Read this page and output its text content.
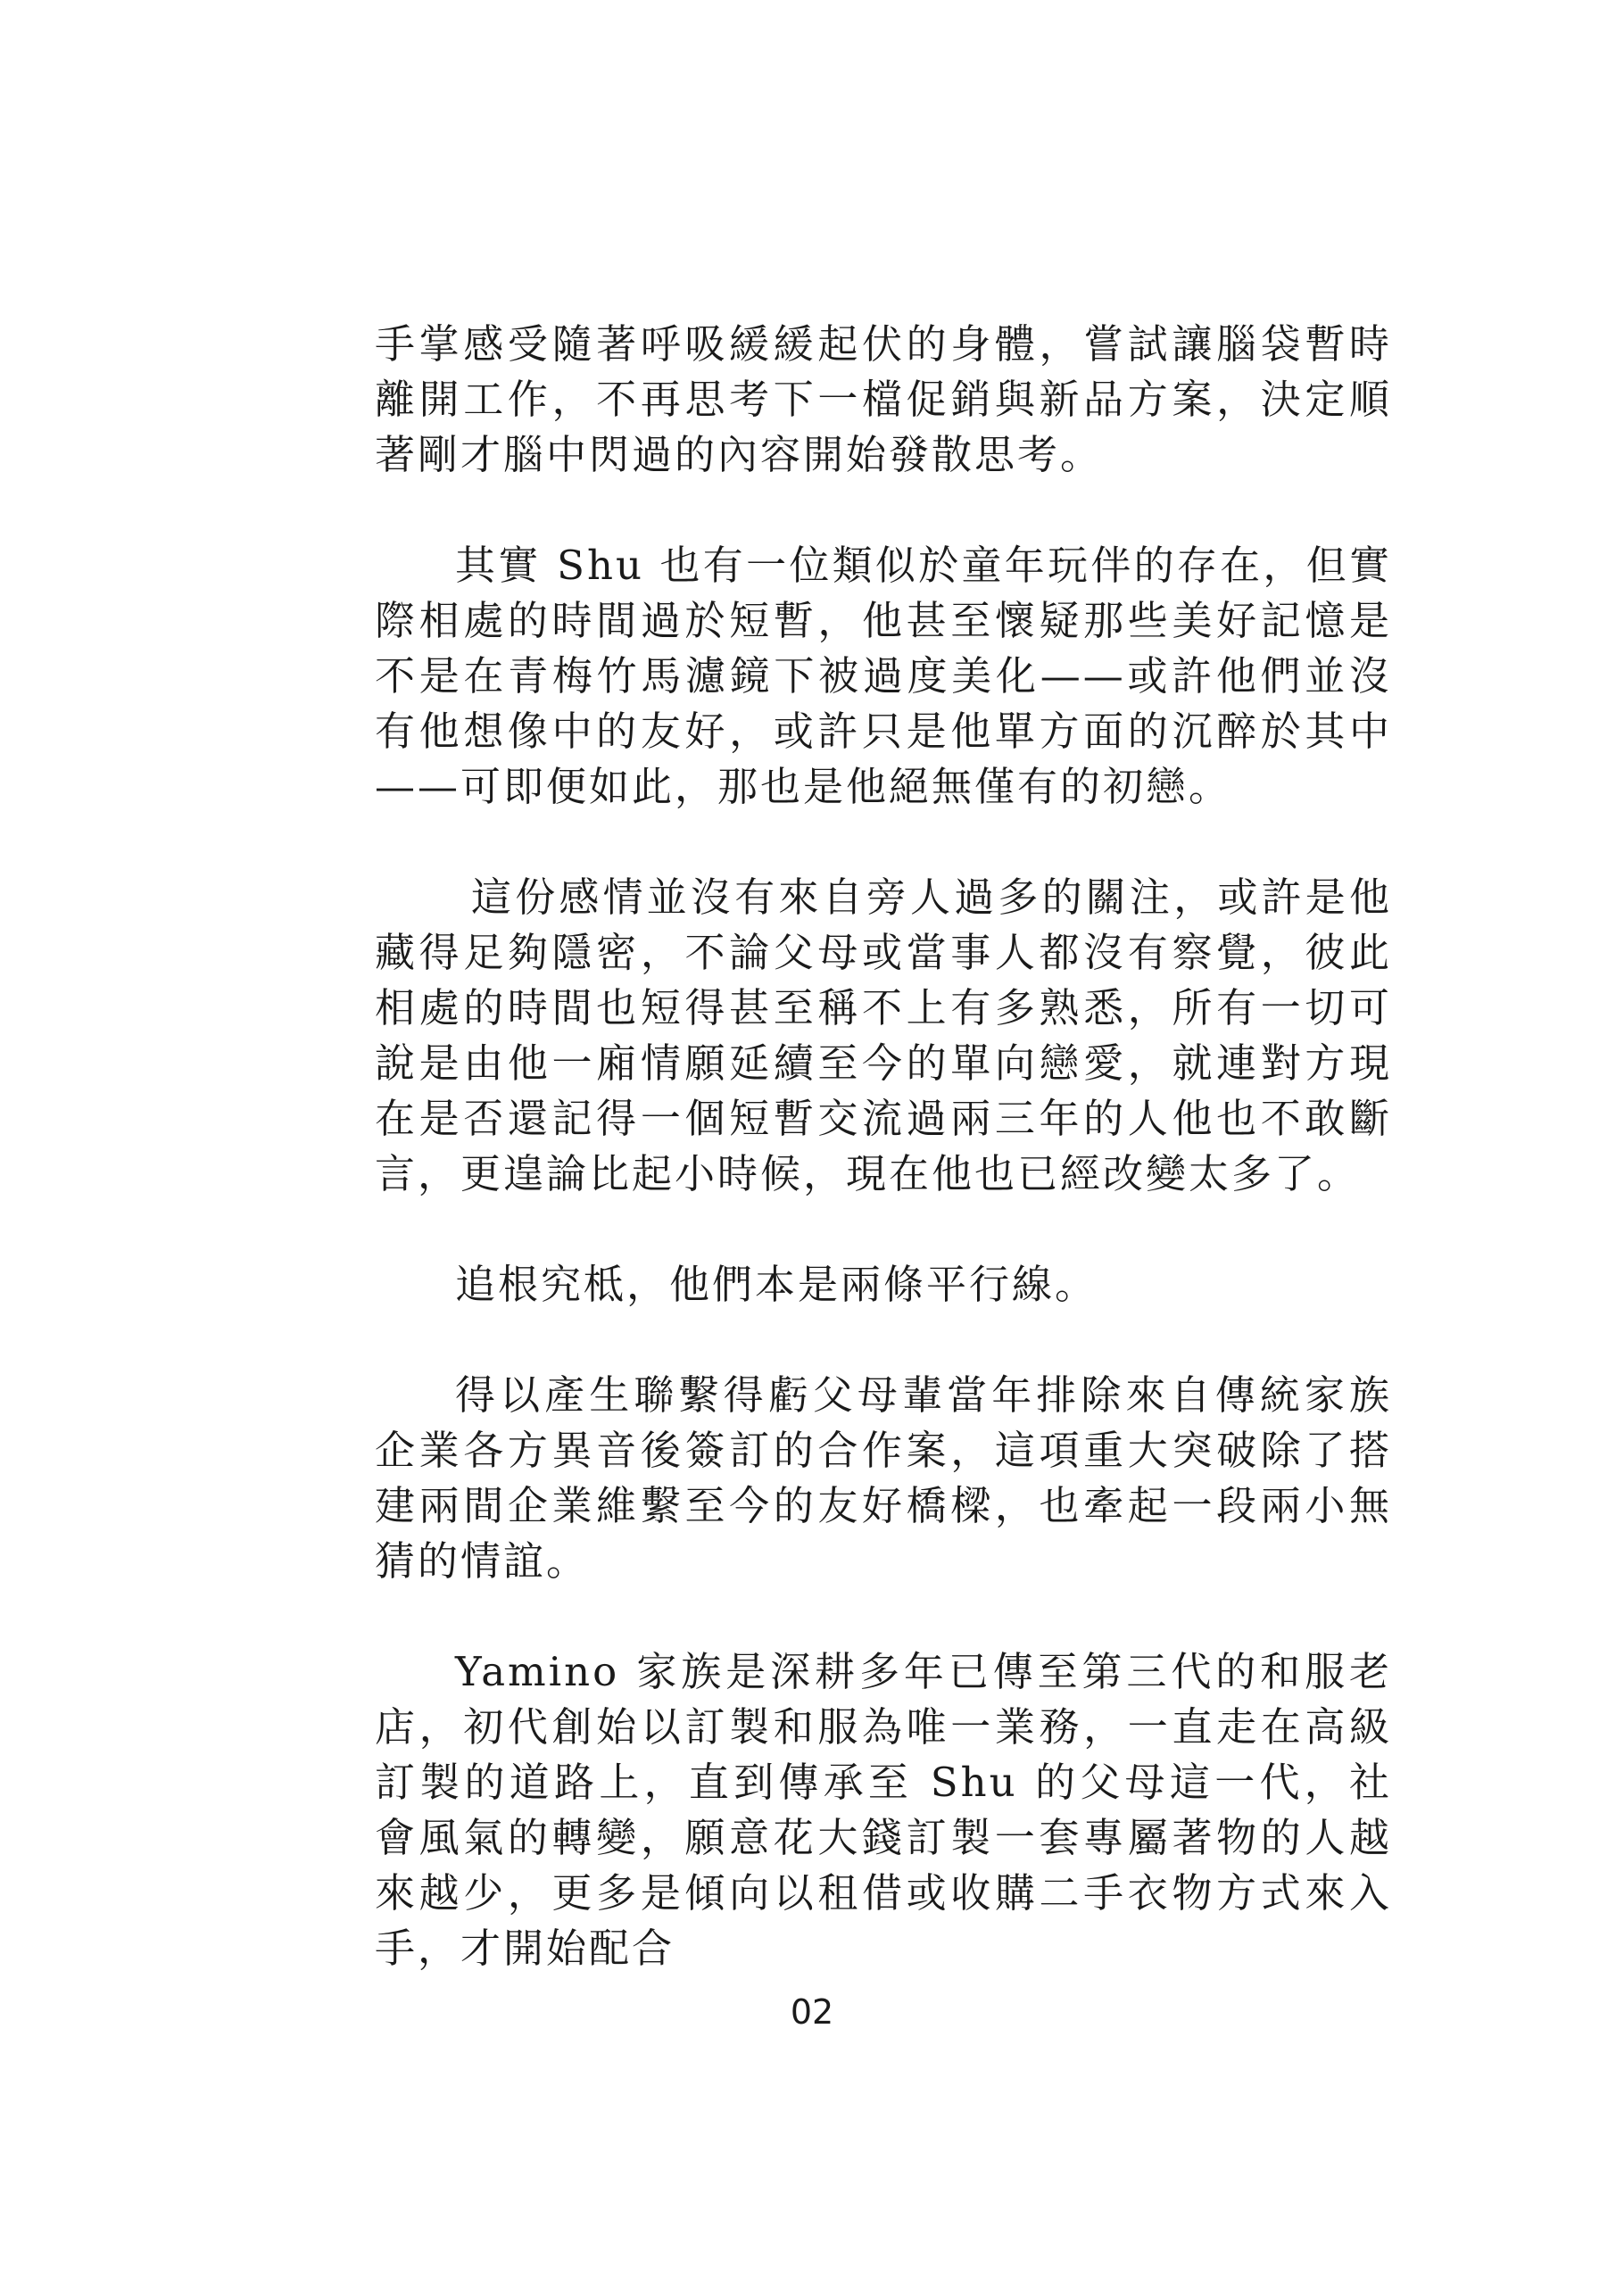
手掌感受隨著呼吸緩緩起伏的身體，嘗試讓腦袋暫時離開工作，不再思考下一檔促銷與新品方案，決定順著剛才腦中閃過的內容開始發散思考。

其實 Shu 也有一位類似於童年玩伴的存在，但實際相處的時間過於短暫，他甚至懷疑那些美好記憶是不是在青梅竹馬濾鏡下被過度美化——或許他們並沒有他想像中的友好，或許只是他單方面的沉醉於其中——可即便如此，那也是他絕無僅有的初戀。

這份感情並沒有來自旁人過多的關注，或許是他藏得足夠隱密，不論父母或當事人都沒有察覺，彼此相處的時間也短得甚至稱不上有多熟悉，所有一切可說是由他一廂情願延續至今的單向戀愛，就連對方現在是否還記得一個短暫交流過兩三年的人他也不敢斷言，更遑論比起小時候，現在他也已經改變太多了。

追根究柢，他們本是兩條平行線。

得以產生聯繫得虧父母輩當年排除來自傳統家族企業各方異音後簽訂的合作案，這項重大突破除了搭建兩間企業維繫至今的友好橋樑，也牽起一段兩小無猜的情誼。

Yamino 家族是深耕多年已傳至第三代的和服老店，初代創始以訂製和服為唯一業務，一直走在高級訂製的道路上，直到傳承至 Shu 的父母這一代，社會風氣的轉變，願意花大錢訂製一套專屬著物的人越來越少，更多是傾向以租借或收購二手衣物方式來入手，才開始配合

02
